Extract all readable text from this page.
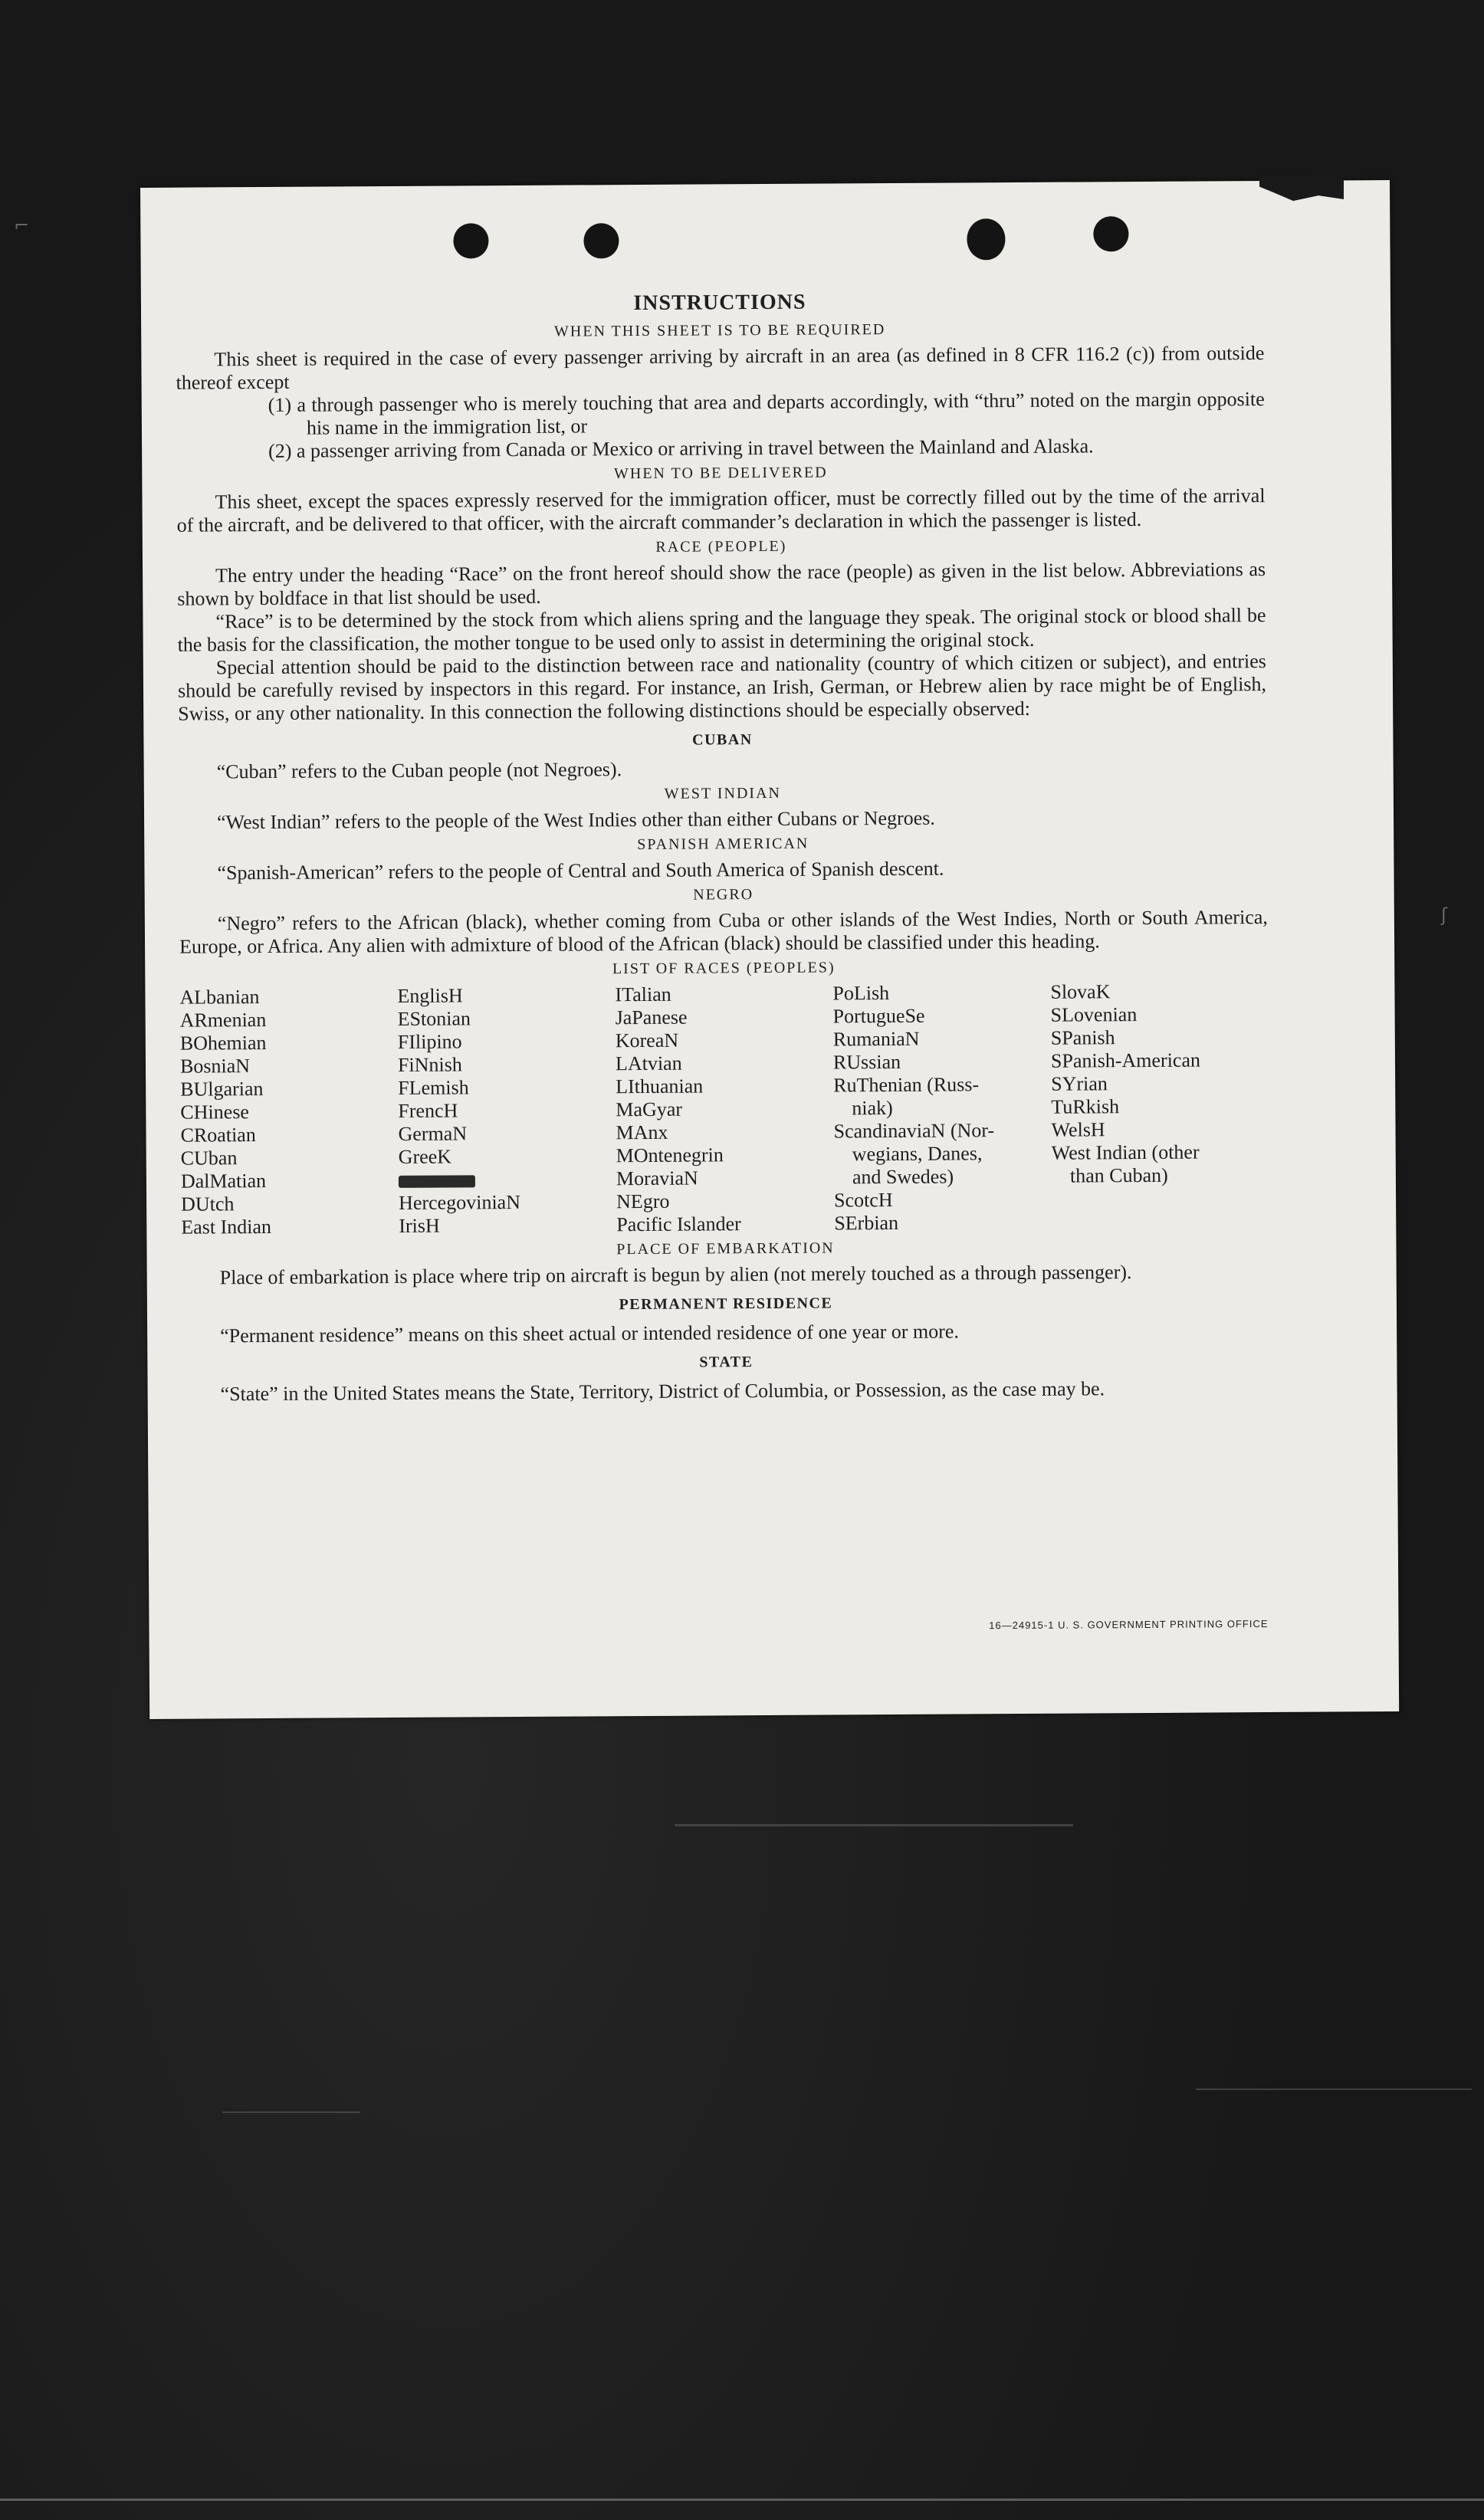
ʃ
⌐
INSTRUCTIONS
WHEN THIS SHEET IS TO BE REQUIRED

This sheet is required in the case of every passenger arriving by aircraft in an area (as defined in 8 CFR 116.2 (c)) from outside thereof except

(1) a through passenger who is merely touching that area and departs accordingly, with “thru” noted on the margin opposite his name in the immigration list, or

(2) a passenger arriving from Canada or Mexico or arriving in travel between the Mainland and Alaska.

WHEN TO BE DELIVERED

This sheet, except the spaces expressly reserved for the immigration officer, must be correctly filled out by the time of the arrival of the aircraft, and be delivered to that officer, with the aircraft commander’s declaration in which the passenger is listed.

RACE (PEOPLE)

The entry under the heading “Race” on the front hereof should show the race (people) as given in the list below. Abbreviations as shown by boldface in that list should be used.

“Race” is to be determined by the stock from which aliens spring and the language they speak. The original stock or blood shall be the basis for the classification, the mother tongue to be used only to assist in determining the original stock.

Special attention should be paid to the distinction between race and nationality (country of which citizen or subject), and entries should be carefully revised by inspectors in this regard. For instance, an Irish, German, or Hebrew alien by race might be of English, Swiss, or any other nationality. In this connection the following distinctions should be especially observed:

CUBAN

“Cuban” refers to the Cuban people (not Negroes).

WEST INDIAN

“West Indian” refers to the people of the West Indies other than either Cubans or Negroes.

SPANISH AMERICAN

“Spanish-American” refers to the people of Central and South America of Spanish descent.

NEGRO

“Negro” refers to the African (black), whether coming from Cuba or other islands of the West Indies, North or South America, Europe, or Africa. Any alien with admixture of blood of the African (black) should be classified under this heading.

LIST OF RACES (PEOPLES)
ALbanian
ARmenian
BOhemian
BosniaN
BUlgarian
CHinese
CRoatian
CUban
DalMatian
DUtch
East Indian
EnglisH
EStonian
FIlipino
FiNnish
FLemish
FrencH
GermaN
GreeK
HercegoviniaN
IrisH
ITalian
JaPanese
KoreaN
LAtvian
LIthuanian
MaGyar
MAnx
MOntenegrin
MoraviaN
NEgro
Pacific Islander
PoLish
PortugueSe
RumaniaN
RUssian
RuThenian (Russ-
niak)
ScandinaviaN (Nor-
wegians, Danes,
and Swedes)
ScotcH
SErbian
SlovaK
SLovenian
SPanish
SPanish-American
SYrian
TuRkish
WelsH
West Indian (other
than Cuban)
PLACE OF EMBARKATION

Place of embarkation is place where trip on aircraft is begun by alien (not merely touched as a through passenger).

PERMANENT RESIDENCE

“Permanent residence” means on this sheet actual or intended residence of one year or more.

STATE

“State” in the United States means the State, Territory, District of Columbia, or Possession, as the case may be.

16—24915-1 U. S. GOVERNMENT PRINTING OFFICE
